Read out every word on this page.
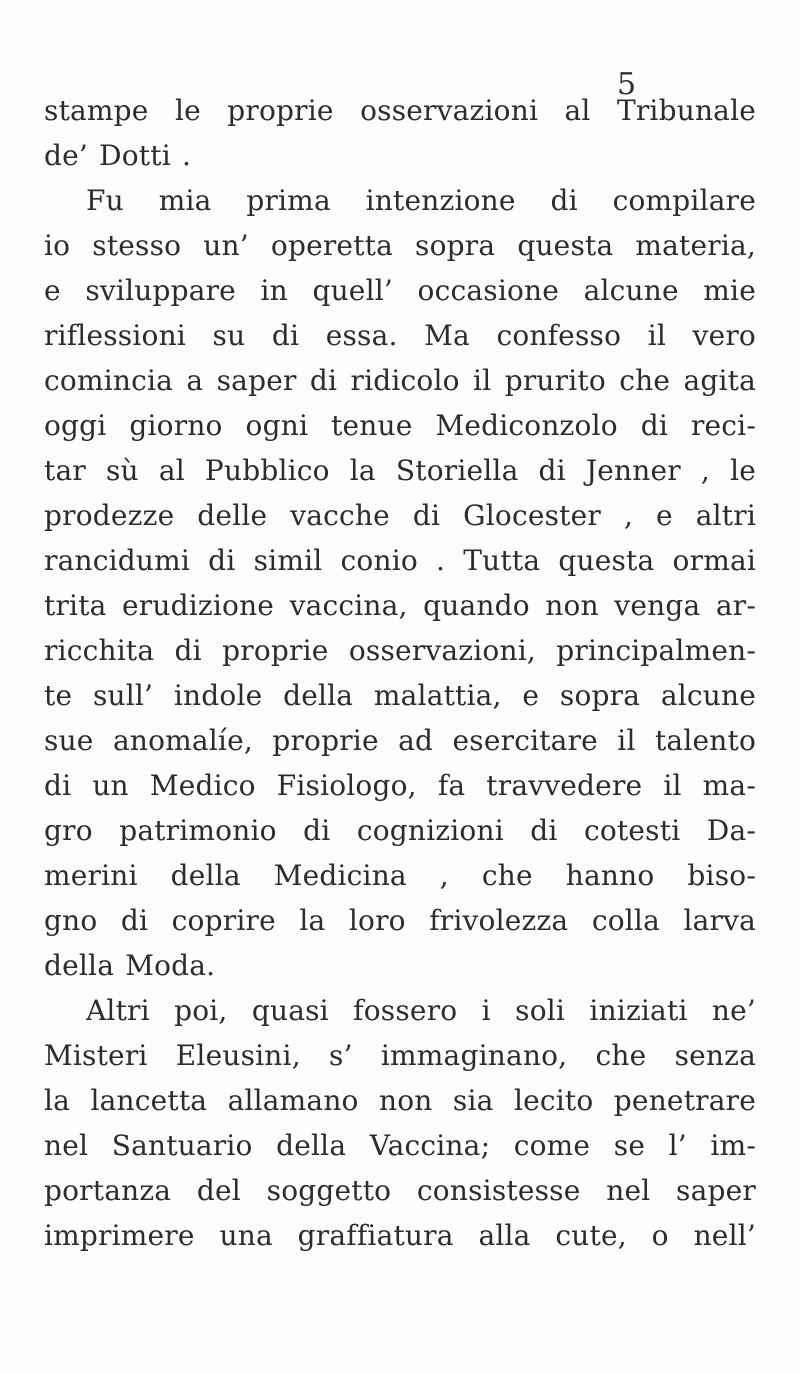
5
stampe le proprie osservazioni al Tribunale
de’ Dotti .
Fu mia prima intenzione di compilare
io stesso un’ operetta sopra questa materia,
e sviluppare in quell’ occasione alcune mie
riflessioni su di essa. Ma confesso il vero
comincia a saper di ridicolo il prurito che agita
oggi giorno ogni tenue Mediconzolo di reci-
tar sù al Pubblico la Storiella di Jenner , le
prodezze delle vacche di Glocester , e altri
rancidumi di simil conio . Tutta questa ormai
trita erudizione vaccina, quando non venga ar-
ricchita di proprie osservazioni, principalmen-
te sull’ indole della malattia, e sopra alcune
sue anomalíe, proprie ad esercitare il talento
di un Medico Fisiologo, fa travvedere il ma-
gro patrimonio di cognizioni di cotesti Da-
merini della Medicina , che hanno biso-
gno di coprire la loro frivolezza colla larva
della Moda.
Altri poi, quasi fossero i soli iniziati ne’
Misteri Eleusini, s’ immaginano, che senza
la lancetta allamano non sia lecito penetrare
nel Santuario della Vaccina; come se l’ im-
portanza del soggetto consistesse nel saper
imprimere una graffiatura alla cute, o nell’
